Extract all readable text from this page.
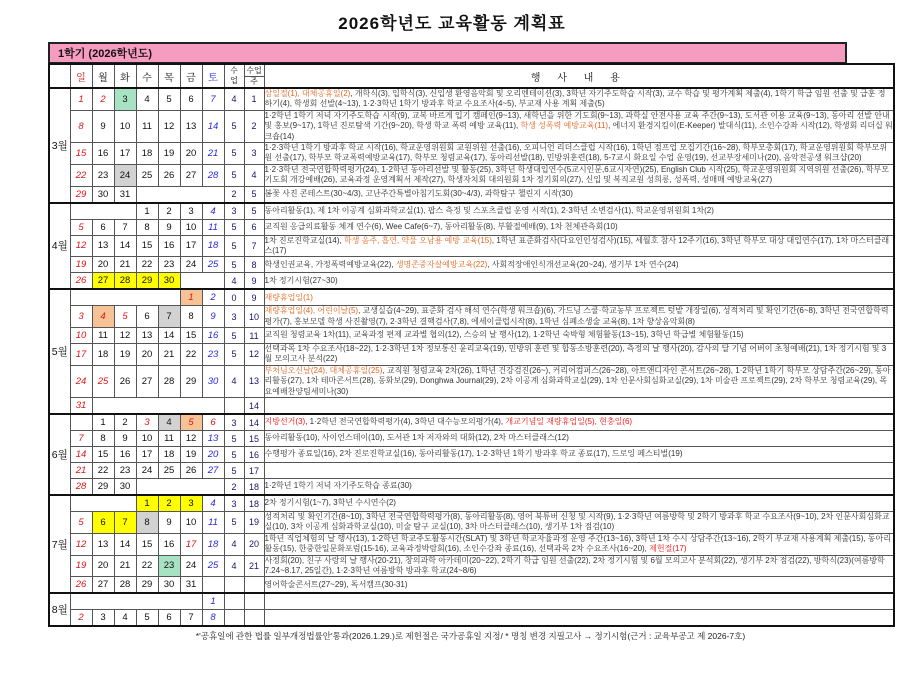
2026학년도 교육활동 계획표
1학기 (2026학년도)
	일	월	화	수	목	금	토	수
업	수업
주	행 사 내 용
3월	1	2	3	4	5	6	7	4	1	삼일절(1), 대체공휴일(2), 개학식(3), 입학식(3), 신입생 환영음악회 및 오리엔테이션(3), 3학년 자기주도학습 시작(3), 교수 학습 및 평가계획 제출(4), 1학기 학급 임원 선출 및 급훈 정하기(4), 학생회 선발(4~13), 1·2·3학년 1학기 방과후 학교 수요조사(4~5), 부교재 사용 계획 제출(5)
	8	9	10	11	12	13	14	5	2	1·2학년 1학기 저녁 자기주도학습 시작(9), 교복 바르게 입기 캠페인(9~13), 새학년을 위한 기도회(9~13), 과학실 안전사용 교육 주간(9~13), 도서관 이용 교육(9~13), 동아리 선발 안내 및 홍보(9~17), 1학년 진로탐색 기간(9~20), 학생 학교 폭력 예방 교육(11), 학생 성폭력 예방교육(11), 에너지 환경지킴이(E-Keeper) 발대식(11), 소인수강좌 시작(12), 학생회 리더십 워크숍(14)
	15	16	17	18	19	20	21	5	3	1·2·3학년 1학기 방과후 학교 시작(16), 학교운영위원회 교원위원 선출(16), 오피니언 리더스클럽 시작(16), 1학년 점프업 모집기간(16~28), 학부모총회(17), 학교운영위원회 학부모위원 선출(17), 학부모 학교폭력예방교육(17), 학부모 청렴교육(17), 동아리선발(18), 민방위훈련(18), 5-7교시 화요일 수업 운영(19), 선교부장세미나(20), 음악전공생 워크샵(20)
	22	23	24	25	26	27	28	5	4	1·2·3학년 전국연합학력평가(24), 1·2학년 동아리선발 및 활동(25), 3학년 학생대입연수(5교시인문,6교시자연)(25), English Club 시작(25), 학교운영위원회 지역위원 선출(26), 학부모기도회 개강예배(26), 교육과정 운영계획서 제작(27), 학생자치회 대의원회 1차 정기회의(27), 신입 및 복직교원 성희롱, 성폭력, 성매매 예방교육(27)
	29	30	31					2	5	봄꽃 사진 콘테스트(30~4/3), 고난주간특별아침기도회(30~4/3), 과학탐구 챌린지 시작(30)
4월				1	2	3	4	3	5	동아리활동(1), 제 1차 이공계 심화과학교실(1), 팝스 측정 및 스포츠클럽 운영 시작(1), 2·3학년 소변검사(1), 학교운영위원회 1차(2)
	5	6	7	8	9	10	11	5	6	교직원 응급의료활동 체계 연수(6), Wee Cafe(6~7), 동아리활동(8), 부활절예배(9), 1차 천체관측회(10)
	12	13	14	15	16	17	18	5	7	1차 진로진학교실(14), 학생 음주, 흡연, 약물 오남용 예방 교육(15), 1학년 표준화검사(다요인인성검사)(15), 세월호 참사 12주기(16), 3학년 학부모 대상 대입연수(17), 1차 마스터클래스(17)
	19	20	21	22	23	24	25	5	8	학생인권교육, 가정폭력예방교육(22), 생명존중자살예방교육(22), 사회적장애인식개선교육(20~24), 생기부 1차 연수(24)
	26	27	28	29	30			4	9	1차 정기시험(27~30)
5월						1	2	0	9	재량휴업일(1)
	3	4	5	6	7	8	9	3	10	재량휴업일(4), 어린이날(5), 교생실습(4~29), 표준화 검사 해석 연수(학생 워크숍)(6), 가드닝 스쿨·학교농부 프로젝트 텃밭 개장일(6), 성적처리 및 확인기간(6~8), 3학년 전국연합학력평가(7), 홍보모델 학생 사진촬영(7), 2·3학년 결핵검사(7,8), 에세이클럽시작(8), 1학년 심폐소생술 교육(8), 1차 향상음악회(8)
	10	11	12	13	14	15	16	5	11	교직원 청렴교육 1차(11), 교육과정 편제 교과별 협의(12), 스승의 날 행사(12), 1·2학년 숙박형 체험활동(13~15), 3학년 학급별 체험활동(15)
	17	18	19	20	21	22	23	5	12	선택과목 1차 수요조사(18~22), 1·2·3학년 1차 정보통신 윤리교육(19), 민방위 훈련 및 합동소방훈련(20), 측정의 날 행사(20), 감사의 달 기념 어버이 초청예배(21), 1차 정기시험 및 3월 모의고사 분석(22)
	24	25	26	27	28	29	30	4	13	부처님오신날(24), 대체공휴일(25), 교직원 청렴교육 2차(26), 1학년 건강검진(26~), 커리어컴퍼스(26~28), 아트앤디자인 콘서트(26~28), 1·2학년 1학기 학부모 상담주간(26~29), 동아리활동(27), 1차 테마콘서트(28), 동화보(29), Donghwa Journal(29), 2차 이공계 심화과학교실(29), 1차 인문사회심화교실(29), 1차 미술관 프로젝트(29), 2차 학부모 청렴교육(29), 목요예배찬양팀세미나(30)
	31								14	
6월		1	2	3	4	5	6	3	14	지방선거(3), 1·2학년 전국연합학력평가(4), 3학년 대수능모의평가(4), 개교기념일 재량휴업일(5), 현충일(6)
	7	8	9	10	11	12	13	5	15	동아리활동(10), 사이언스데이(10), 도서관 1차 저자와의 대화(12), 2차 마스터클래스(12)
	14	15	16	17	18	19	20	5	16	수행평가 종료일(16), 2차 진로진학교실(16), 동아리활동(17), 1·2·3학년 1학기 방과후 학교 종료(17), 드로잉 페스티벌(19)
	21	22	23	24	25	26	27	5	17	
	28	29	30					2	18	1·2학년 1학기 저녁 자기주도학습 종료(30)
7월				1	2	3	4	3	18	2차 정기시험(1~7), 3학년 수시연수(2)
	5	6	7	8	9	10	11	5	19	성적처리 및 확인기간(8~10), 3학년 전국연합학력평가(8), 동아리활동(8), 영어 북튜버 신청 및 시작(9), 1·2·3학년 여름방학 및 2학기 방과후 학교 수요조사(9~10), 2차 인문사회심화교실(10), 3차 이공계 심화과학교실(10), 미술 탐구 교실(10), 3차 마스터클래스(10), 생기부 1차 점검(10)
	12	13	14	15	16	17	18	4	20	1학년 직업체험의 날 행사(13), 1·2학년 학교주도활동시간(SLAT) 및 3학년 학교자율과정 운영 주간(13~16), 3학년 1차 수시 상담주간(13~16), 2학기 부교재 사용계획 제출(15), 동아리활동(15), 한중한일문화포럼(15-16), 교육과정박람회(16), 소인수강좌 종료(16), 선택과목 2차 수요조사(16~20), 제헌절(17)
	19	20	21	22	23	24	25	4	21	사정회(20), 친구 사랑의 날 행사(20-21), 창의과학 아카데미(20~22), 2학기 학급 임원 선출(22), 2차 정기시험 및 6월 모의고사 분석회(22), 생기부 2차 점검(22), 방학식(23)(여름방학 7.24~8.17, 25일간), 1·2·3학년 여름방학 방과후 학교(24~8/6)
	26	27	28	29	30	31				영어학술콘서트(27~29), 독서캠프(30-31)
8월							1			
	2	3	4	5	6	7	8			
*'공휴일에 관한 법률 일부개정법률안'통과(2026.1.29.)로 제헌절은 국가공휴일 지정/ * 명칭 변경 지필고사 → 정기시험(근거 : 교육부공고 제 2026-7호)
